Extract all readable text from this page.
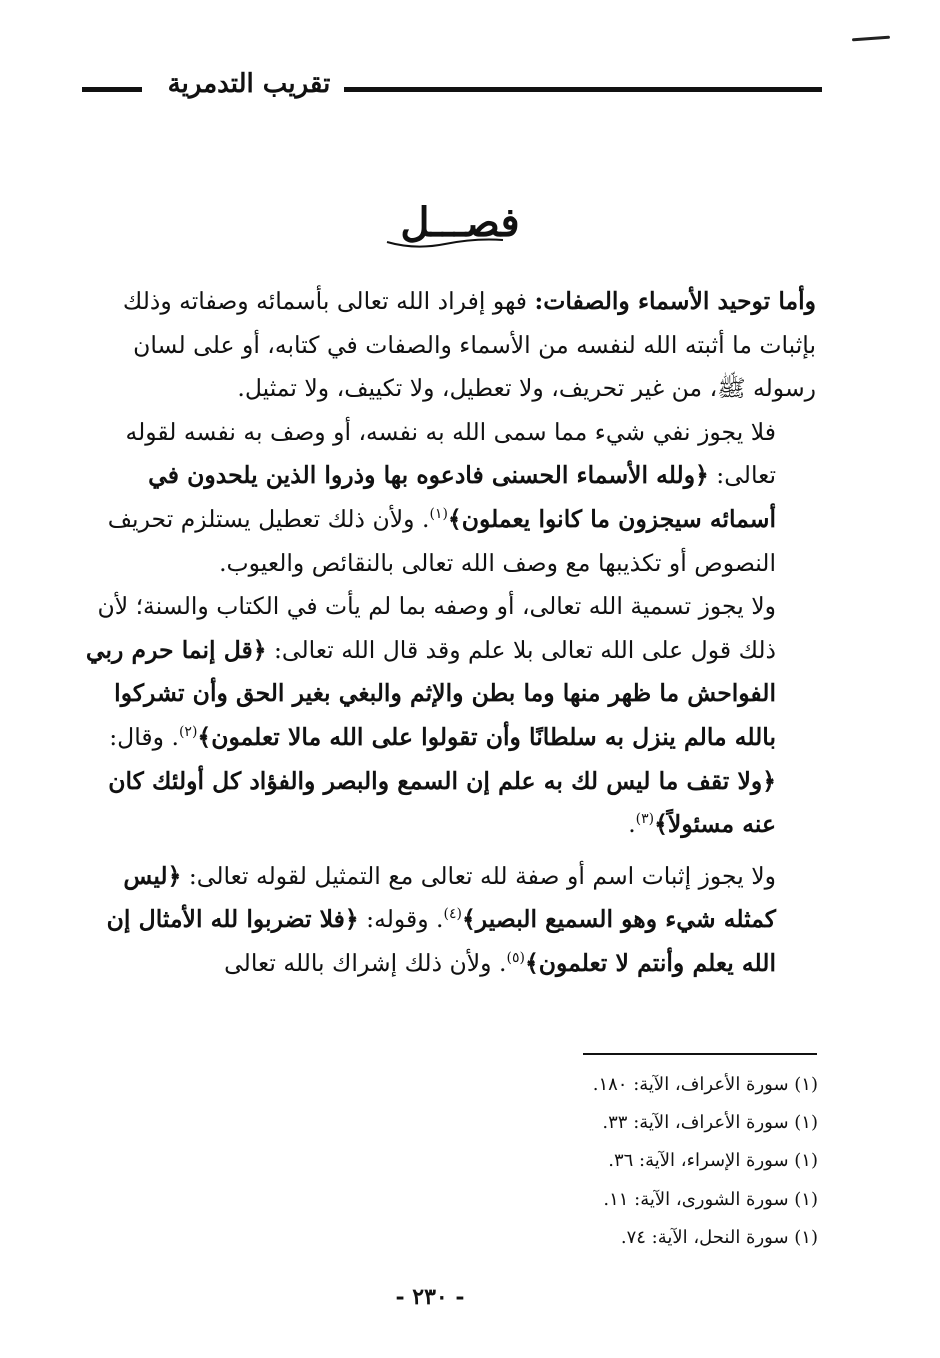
تقريب التدمرية
فصـــل

وأما توحيد الأسماء والصفات: فهو إفراد الله تعالى بأسمائه وصفاته وذلك بإثبات ما أثبته الله لنفسه من الأسماء والصفات في كتابه، أو على لسان رسوله ﷺ، من غير تحريف، ولا تعطيل، ولا تكييف، ولا تمثيل.

فلا يجوز نفي شيء مما سمى الله به نفسه، أو وصف به نفسه لقوله تعالى: ﴿ولله الأسماء الحسنى فادعوه بها وذروا الذين يلحدون في أسمائه سيجزون ما كانوا يعملون﴾$^{(١)}$. ولأن ذلك تعطيل يستلزم تحريف النصوص أو تكذيبها مع وصف الله تعالى بالنقائص والعيوب.

ولا يجوز تسمية الله تعالى، أو وصفه بما لم يأت في الكتاب والسنة؛ لأن ذلك قول على الله تعالى بلا علم وقد قال الله تعالى: ﴿قل إنما حرم ربي الفواحش ما ظهر منها وما بطن والإثم والبغي بغير الحق وأن تشركوا بالله مالم ينزل به سلطانًا وأن تقولوا على الله مالا تعلمون﴾$^{(٢)}$. وقال: ﴿ولا تقف ما ليس لك به علم إن السمع والبصر والفؤاد كل أولئك كان عنه مسئولاً﴾$^{(٣)}$.

ولا يجوز إثبات اسم أو صفة لله تعالى مع التمثيل لقوله تعالى: ﴿ليس كمثله شيء وهو السميع البصير﴾$^{(٤)}$. وقوله: ﴿فلا تضربوا لله الأمثال إن الله يعلم وأنتم لا تعلمون﴾$^{(٥)}$. ولأن ذلك إشراك بالله تعالى

(١) سورة الأعراف، الآية: ١٨٠.
(١) سورة الأعراف، الآية: ٣٣.
(١) سورة الإسراء، الآية: ٣٦.
(١) سورة الشورى، الآية: ١١.
(١) سورة النحل، الآية: ٧٤.
- ٢٣٠ -
